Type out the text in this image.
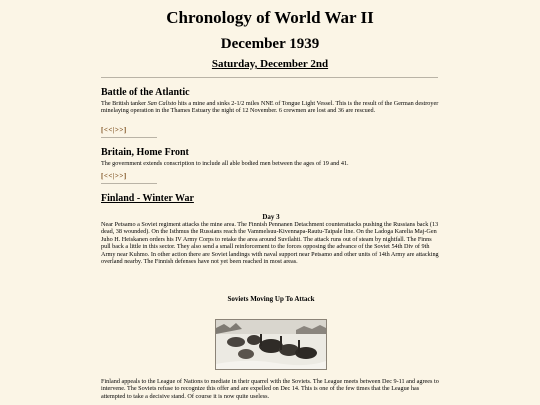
Chronology of World War II
December 1939
Saturday, December 2nd
Battle of the Atlantic
The British tanker San Calisto hits a mine and sinks 2-1/2 miles NNE of Tongue Light Vessel. This is the result of the German destroyer minelaying operation in the Thames Estuary the night of 12 November. 6 crewmen are lost and 36 are rescued.
[<<|>>]
Britain, Home Front
The government extends conscription to include all able bodied men between the ages of 19 and 41.
[<<|>>]
Finland - Winter War
Day 3
Near Petsamo a Soviet regiment attacks the mine area. The Finnish Pennanen Detachment counterattacks pushing the Russians back (13 dead, 38 wounded). On the Isthmus the Russians reach the Vammelsuu-Kivennapa-Rautu-Taipale line. On the Ladoga Karelia Maj-Gen Juho H. Heiskanen orders his IV Army Corps to retake the area around Suvilahti. The attack runs out of steam by nightfall. The Finns pull back a little in this sector. They also send a small reinforcement to the forces opposing the advance of the Soviet 54th Div of 9th Army near Kuhmo. In other action there are Soviet landings with naval support near Petsamo and other units of 14th Army are attacking overland nearby. The Finnish defenses have not yet been reached in most areas.
Soviets Moving Up To Attack
Finland appeals to the League of Nations to mediate in their quarrel with the Soviets. The League meets between Dec 9-11 and agrees to intervene. The Soviets refuse to recognize this offer and are expelled on Dec 14. This is one of the few times that the League has attempted to take a decisive stand. Of course it is now quite useless.
